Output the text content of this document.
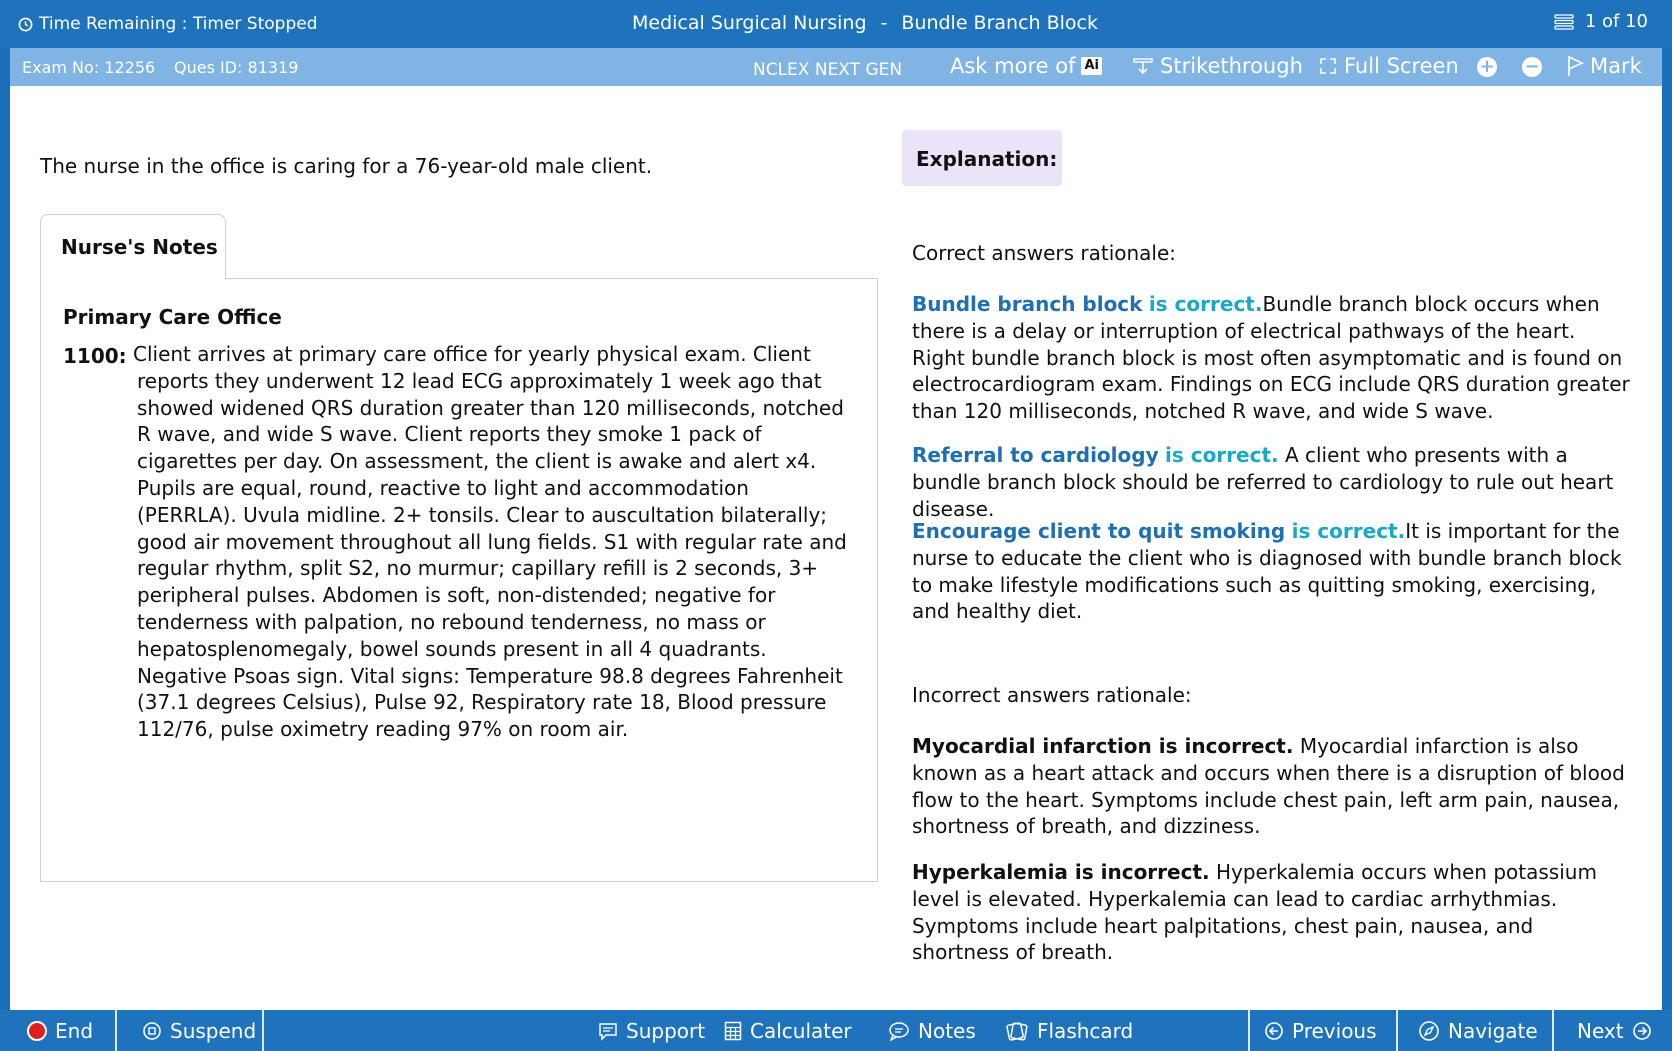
Time Remaining : Timer Stopped	Medical Surgical Nursing - Bundle Branch Block	1 of 10
Exam No: 12256 Ques ID: 81319	NCLEX NEXT GEN Ask more of Ai	Strikethrough Full Screen + − Mark
The nurse in the office is caring for a 76-year-old male client.
Nurse's Notes
Primary Care Office
1100: Client arrives at primary care office for yearly physical exam. Client reports they underwent 12 lead ECG approximately 1 week ago that showed widened QRS duration greater than 120 milliseconds, notched R wave, and wide S wave. Client reports they smoke 1 pack of cigarettes per day. On assessment, the client is awake and alert x4. Pupils are equal, round, reactive to light and accommodation (PERRLA). Uvula midline. 2+ tonsils. Clear to auscultation bilaterally; good air movement throughout all lung fields. S1 with regular rate and regular rhythm, split S2, no murmur; capillary refill is 2 seconds, 3+ peripheral pulses. Abdomen is soft, non-distended; negative for tenderness with palpation, no rebound tenderness, no mass or hepatosplenomegaly, bowel sounds present in all 4 quadrants. Negative Psoas sign. Vital signs: Temperature 98.8 degrees Fahrenheit (37.1 degrees Celsius), Pulse 92, Respiratory rate 18, Blood pressure 112/76, pulse oximetry reading 97% on room air.
Explanation:
Correct answers rationale:
Bundle branch block is correct.Bundle branch block occurs when there is a delay or interruption of electrical pathways of the heart. Right bundle branch block is most often asymptomatic and is found on electrocardiogram exam. Findings on ECG include QRS duration greater than 120 milliseconds, notched R wave, and wide S wave.
Referral to cardiology is correct. A client who presents with a bundle branch block should be referred to cardiology to rule out heart disease.
Encourage client to quit smoking is correct.It is important for the nurse to educate the client who is diagnosed with bundle branch block to make lifestyle modifications such as quitting smoking, exercising, and healthy diet.
Incorrect answers rationale:
Myocardial infarction is incorrect. Myocardial infarction is also known as a heart attack and occurs when there is a disruption of blood flow to the heart. Symptoms include chest pain, left arm pain, nausea, shortness of breath, and dizziness.
Hyperkalemia is incorrect. Hyperkalemia occurs when potassium level is elevated. Hyperkalemia can lead to cardiac arrhythmias. Symptoms include heart palpitations, chest pain, nausea, and shortness of breath.
End	Suspend	Support Calculater	Notes	Flashcard	Previous	Navigate Next
